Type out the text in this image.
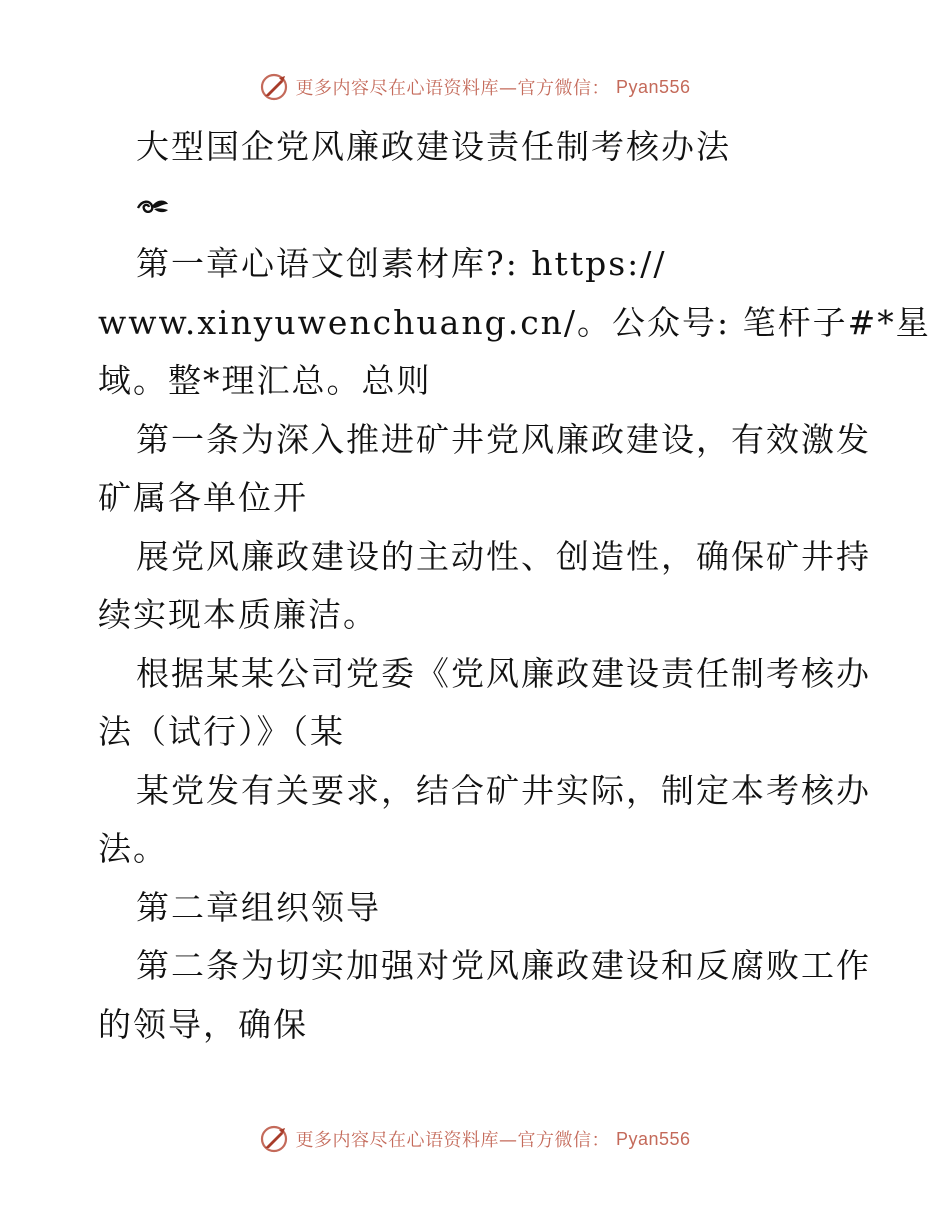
更多内容尽在心语资料库—官方微信： Pyan556
大型国企党风廉政建设责任制考核办法
第一章心语文创素材库?: https://
www.xinyuwenchuang.cn/。公众号: 笔杆子#*星
域。整*理汇总。总则
第一条为深入推进矿井党风廉政建设，有效激发
矿属各单位开
展党风廉政建设的主动性、创造性，确保矿井持
续实现本质廉洁。
根据某某公司党委《党风廉政建设责任制考核办
法（试行）》（某
某党发有关要求，结合矿井实际，制定本考核办
法。
第二章组织领导
第二条为切实加强对党风廉政建设和反腐败工作
的领导，确保
更多内容尽在心语资料库—官方微信： Pyan556
